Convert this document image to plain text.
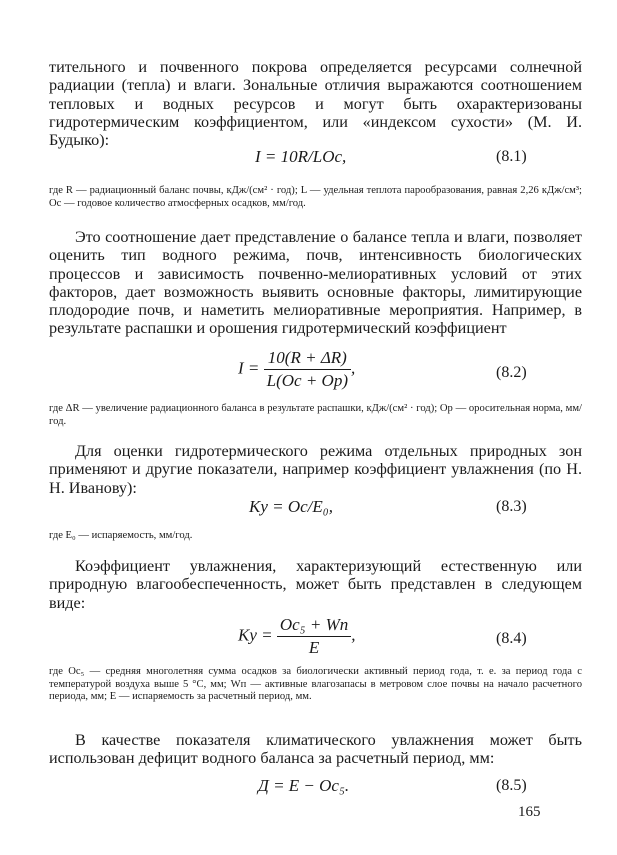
тительного и почвенного покрова определяется ресурсами солнечной радиации (тепла) и влаги. Зональные отличия выражаются соотношением тепловых и водных ресурсов и могут быть охарактеризованы гидротермическим коэффициентом, или «индексом сухости» (М. И. Будыко):
I = 10R/LOc,	(8.1)
где R — радиационный баланс почвы, кДж/(см² · год); L — удельная теплота парообразования, равная 2,26 кДж/см³; Oc — годовое количество атмосферных осадков, мм/год.
Это соотношение дает представление о балансе тепла и влаги, позволяет оценить тип водного режима, почв, интенсивность биологических процессов и зависимость почвенно-мелиоративных условий от этих факторов, дает возможность выявить основные факторы, лимитирующие плодородие почв, и наметить мелиоративные мероприятия. Например, в результате распашки и орошения гидротермический коэффициент
$I = \frac{10(R + \Delta R)}{L(Oc + Op)}$ ,	(8.2)
где ΔR — увеличение радиационного баланса в результате распашки, кДж/(см² · год); Op — оросительная норма, мм/год.
Для оценки гидротермического режима отдельных природных зон применяют и другие показатели, например коэффициент увлажнения (по Н. Н. Иванову):
Kу = Oc/E₀,	(8.3)
где E₀ — испаряемость, мм/год.
Коэффициент увлажнения, характеризующий естественную или природную влагообеспеченность, может быть представлен в следующем виде:
Kу = $\frac{\text{Oc₅ + Wп}}{E}$ ,	(8.4)
где Oc₅ — средняя многолетняя сумма осадков за биологически активный период года, т. е. за период года с температурой воздуха выше 5 °С, мм; Wп — активные влагозапасы в метровом слое почвы на начало расчетного периода, мм; E — испаряемость за расчетный период, мм.
В качестве показателя климатического увлажнения может быть использован дефицит водного баланса за расчетный период, мм:
Д = E − Oc₅.	(8.5)
165
